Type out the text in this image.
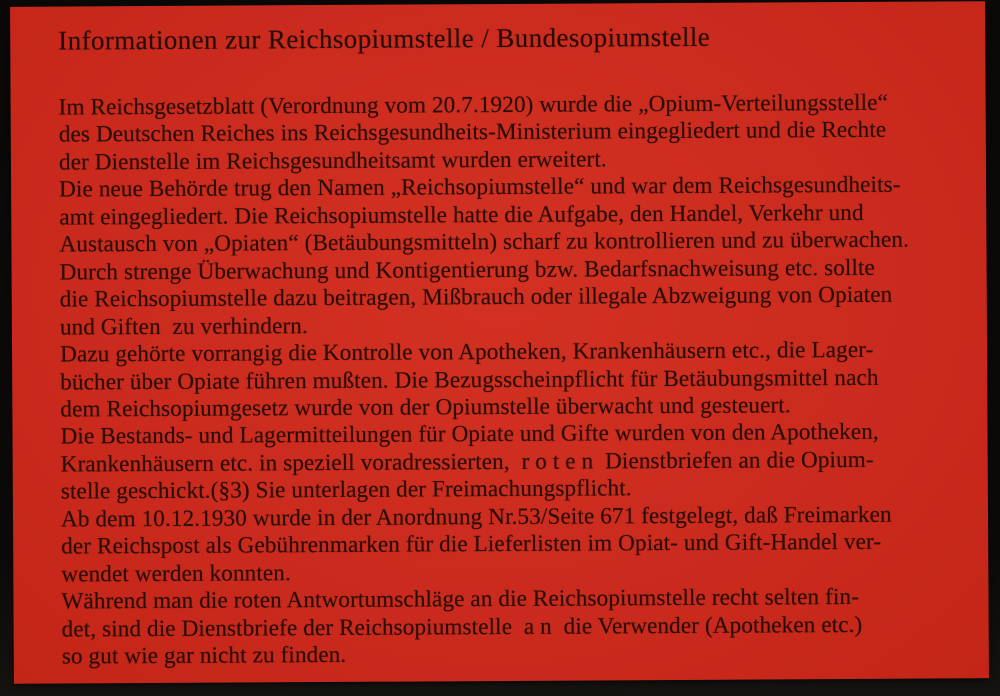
Informationen zur Reichsopiumstelle / Bundesopiumstelle
Im Reichsgesetzblatt (Verordnung vom 20.7.1920) wurde die „Opium-Verteilungsstelle“
des Deutschen Reiches ins Reichsgesundheits-Ministerium eingegliedert und die Rechte
der Dienstelle im Reichsgesundheitsamt wurden erweitert.
Die neue Behörde trug den Namen „Reichsopiumstelle“ und war dem Reichsgesundheits-
amt eingegliedert. Die Reichsopiumstelle hatte die Aufgabe, den Handel, Verkehr und
Austausch von „Opiaten“ (Betäubungsmitteln) scharf zu kontrollieren und zu überwachen.
Durch strenge Überwachung und Kontigentierung bzw. Bedarfsnachweisung etc. sollte
die Reichsopiumstelle dazu beitragen, Mißbrauch oder illegale Abzweigung von Opiaten
und Giften  zu verhindern.
Dazu gehörte vorrangig die Kontrolle von Apotheken, Krankenhäusern etc., die Lager-
bücher über Opiate führen mußten. Die Bezugsscheinpflicht für Betäubungsmittel nach
dem Reichsopiumgesetz wurde von der Opiumstelle überwacht und gesteuert.
Die Bestands- und Lagermitteilungen für Opiate und Gifte wurden von den Apotheken,
Krankenhäusern etc. in speziell voradressierten,  r o t e n  Dienstbriefen an die Opium-
stelle geschickt.(§3) Sie unterlagen der Freimachungspflicht.
Ab dem 10.12.1930 wurde in der Anordnung Nr.53/Seite 671 festgelegt, daß Freimarken
der Reichspost als Gebührenmarken für die Lieferlisten im Opiat- und Gift-Handel ver-
wendet werden konnten.
Während man die roten Antwortumschläge an die Reichsopiumstelle recht selten fin-
det, sind die Dienstbriefe der Reichsopiumstelle  a n  die Verwender (Apotheken etc.)
so gut wie gar nicht zu finden.
